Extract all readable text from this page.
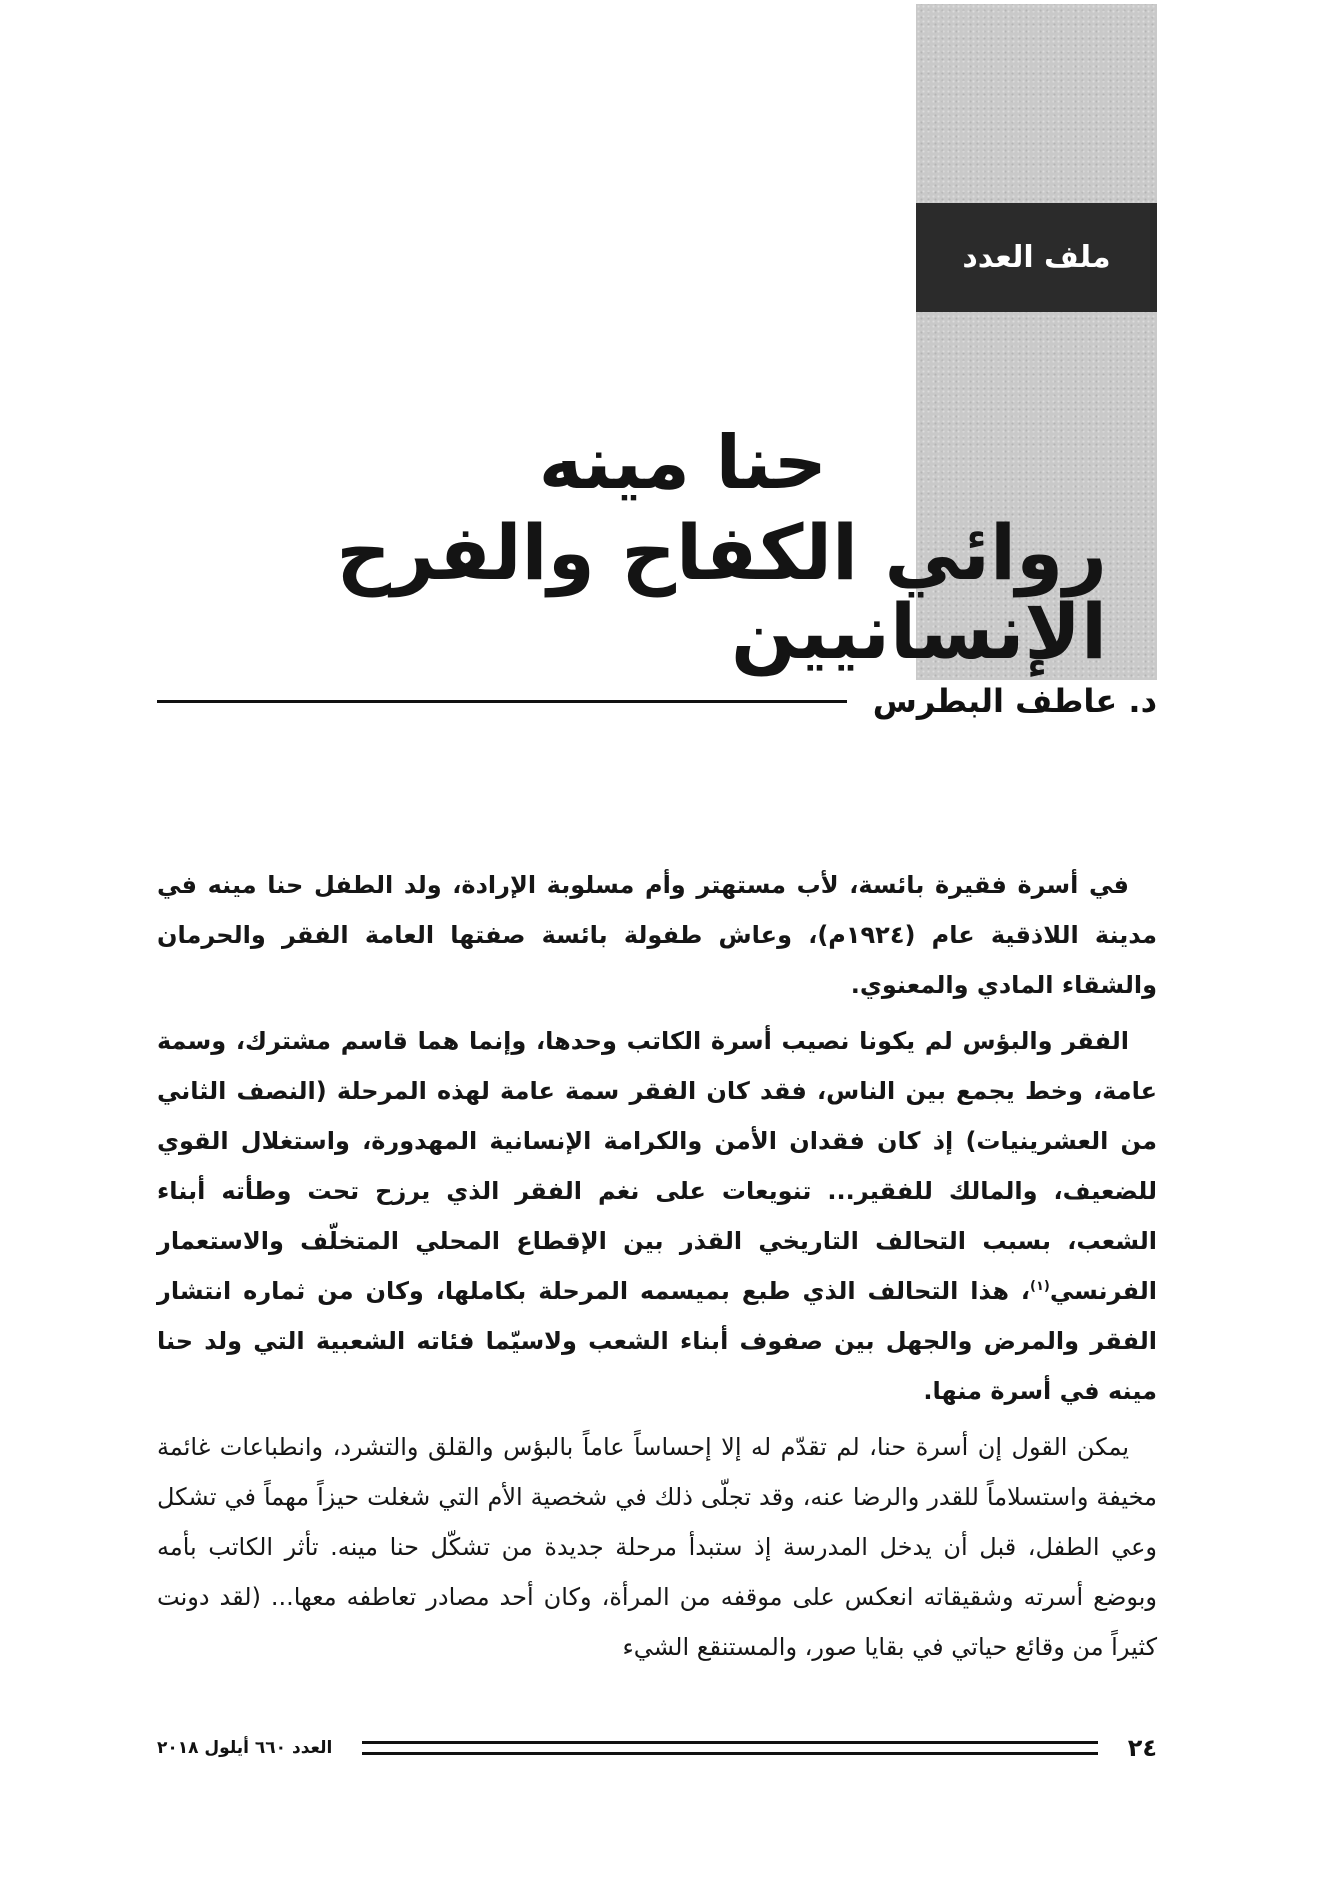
ملف العدد
حنا مينه
روائي الكفاح والفرح الإنسانيين
د. عاطف البطرس

في أسرة فقيرة بائسة، لأب مستهتر وأم مسلوبة الإرادة، ولد الطفل حنا مينه في مدينة اللاذقية عام (١٩٢٤م)، وعاش طفولة بائسة صفتها العامة الفقر والحرمان والشقاء المادي والمعنوي.

الفقر والبؤس لم يكونا نصيب أسرة الكاتب وحدها، وإنما هما قاسم مشترك، وسمة عامة، وخط يجمع بين الناس، فقد كان الفقر سمة عامة لهذه المرحلة (النصف الثاني من العشرينيات) إذ كان فقدان الأمن والكرامة الإنسانية المهدورة، واستغلال القوي للضعيف، والمالك للفقير... تنويعات على نغم الفقر الذي يرزح تحت وطأته أبناء الشعب، بسبب التحالف التاريخي القذر بين الإقطاع المحلي المتخلّف والاستعمار الفرنسي$^{(١)}$، هذا التحالف الذي طبع بميسمه المرحلة بكاملها، وكان من ثماره انتشار الفقر والمرض والجهل بين صفوف أبناء الشعب ولاسيّما فئاته الشعبية التي ولد حنا مينه في أسرة منها.

يمكن القول إن أسرة حنا، لم تقدّم له إلا إحساساً عاماً بالبؤس والقلق والتشرد، وانطباعات غائمة مخيفة واستسلاماً للقدر والرضا عنه، وقد تجلّى ذلك في شخصية الأم التي شغلت حيزاً مهماً في تشكل وعي الطفل، قبل أن يدخل المدرسة إذ ستبدأ مرحلة جديدة من تشكّل حنا مينه. تأثر الكاتب بأمه وبوضع أسرته وشقيقاته انعكس على موقفه من المرأة، وكان أحد مصادر تعاطفه معها... (لقد دونت كثيراً من وقائع حياتي في بقايا صور، والمستنقع الشيء

٢٤
العدد ٦٦٠ أيلول ٢٠١٨
